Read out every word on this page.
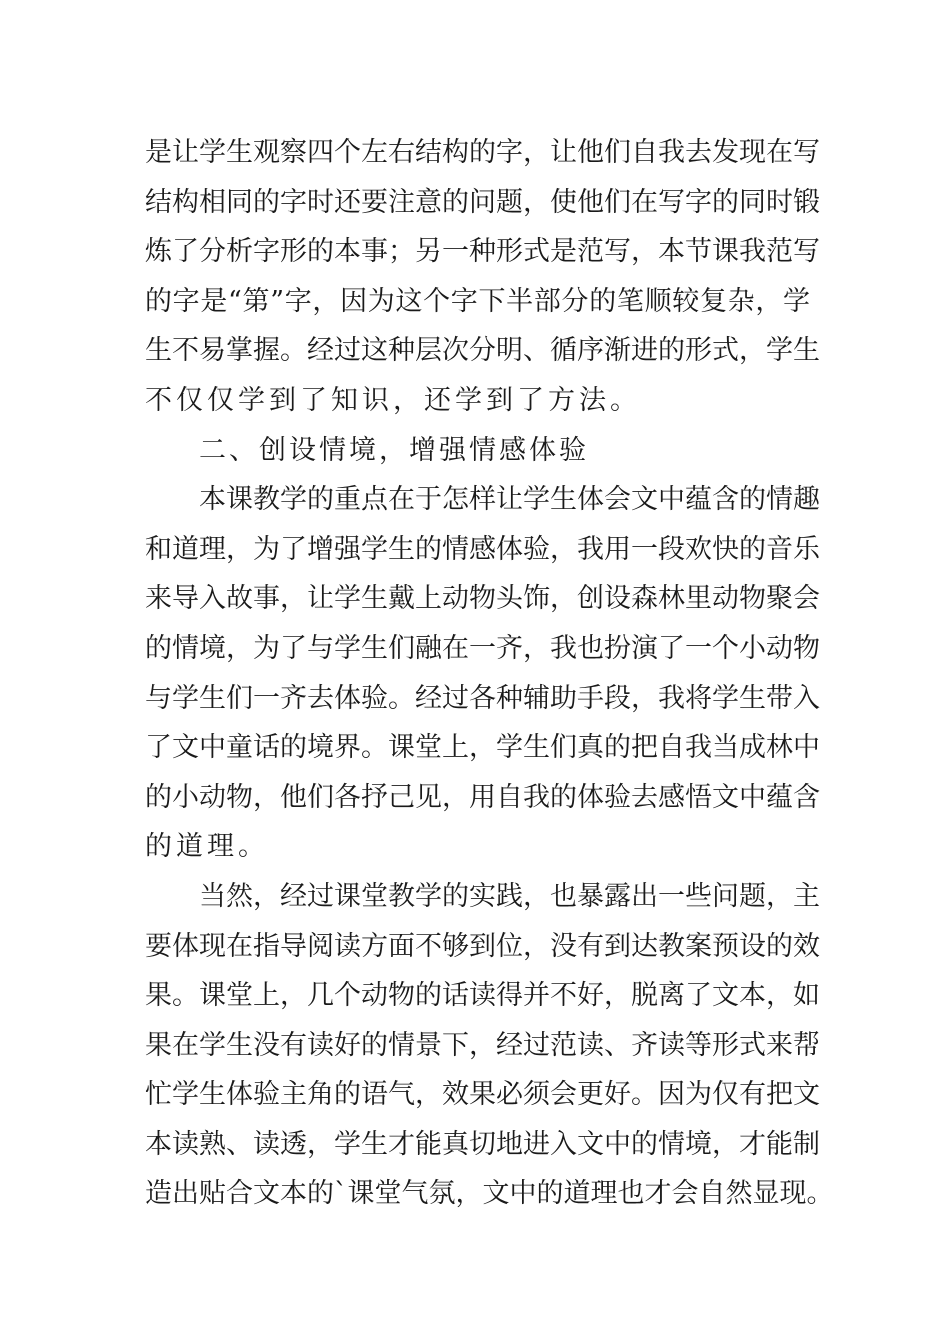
是让学生观察四个左右结构的字，让他们自我去发现在写
结构相同的字时还要注意的问题，使他们在写字的同时锻
炼了分析字形的本事；另一种形式是范写，本节课我范写
的字是“第”字，因为这个字下半部分的笔顺较复杂，学
生不易掌握。经过这种层次分明、循序渐进的形式，学生
不仅仅学到了知识，还学到了方法。
二、创设情境，增强情感体验
本课教学的重点在于怎样让学生体会文中蕴含的情趣
和道理，为了增强学生的情感体验，我用一段欢快的音乐
来导入故事，让学生戴上动物头饰，创设森林里动物聚会
的情境，为了与学生们融在一齐，我也扮演了一个小动物
与学生们一齐去体验。经过各种辅助手段，我将学生带入
了文中童话的境界。课堂上，学生们真的把自我当成林中
的小动物，他们各抒己见，用自我的体验去感悟文中蕴含
的道理。
当然，经过课堂教学的实践，也暴露出一些问题，主
要体现在指导阅读方面不够到位，没有到达教案预设的效
果。课堂上，几个动物的话读得并不好，脱离了文本，如
果在学生没有读好的情景下，经过范读、齐读等形式来帮
忙学生体验主角的语气，效果必须会更好。因为仅有把文
本读熟、读透，学生才能真切地进入文中的情境，才能制
造出贴合文本的`课堂气氛，文中的道理也才会自然显现。
